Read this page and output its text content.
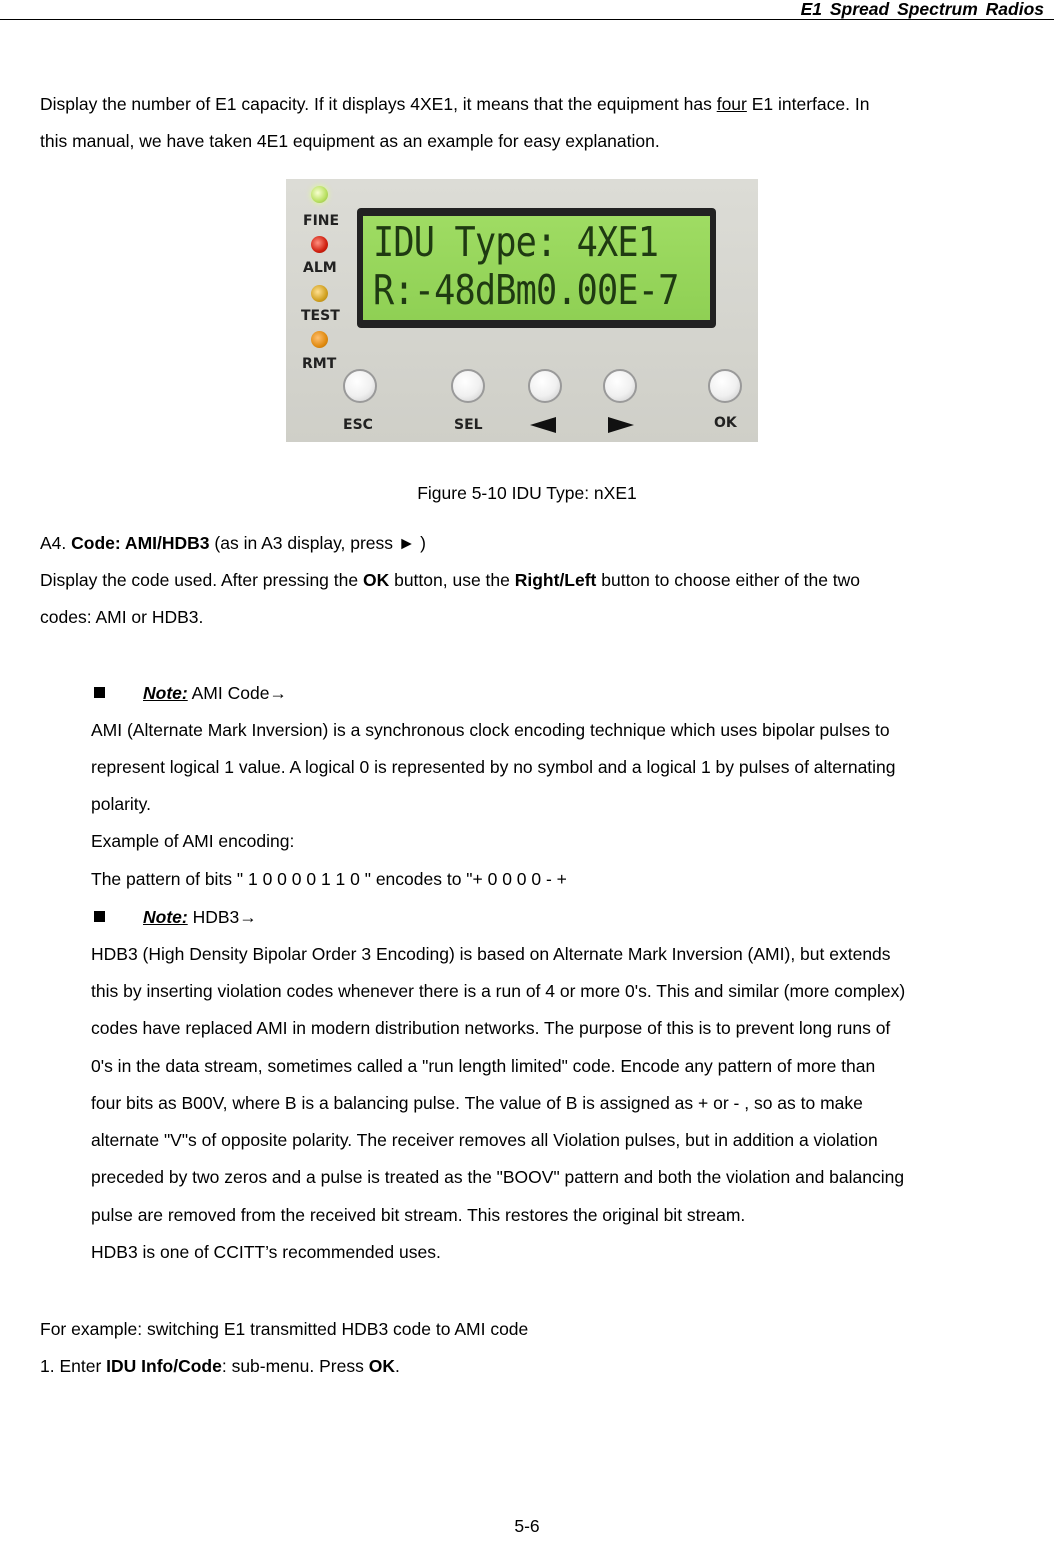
E1 Spread Spectrum Radios
Display the number of E1 capacity. If it displays 4XE1, it means that the equipment has four E1 interface. In
this manual, we have taken 4E1 equipment as an example for easy explanation.
FINE
ALM
TEST
RMT
IDU Type: 4XE1
R:-48dBm0.00E-7
ESC	SEL	OK
Figure 5-10 IDU Type: nXE1
A4. Code: AMI/HDB3 (as in A3 display, press ► )
Display the code used. After pressing the OK button, use the Right/Left button to choose either of the two
codes: AMI or HDB3.
Note: AMI Code→
AMI (Alternate Mark Inversion) is a synchronous clock encoding technique which uses bipolar pulses to
represent logical 1 value. A logical 0 is represented by no symbol and a logical 1 by pulses of alternating
polarity.
Example of AMI encoding:
The pattern of bits " 1 0 0 0 0 1 1 0 " encodes to "+ 0 0 0 0 - +
Note: HDB3→
HDB3 (High Density Bipolar Order 3 Encoding) is based on Alternate Mark Inversion (AMI), but extends
this by inserting violation codes whenever there is a run of 4 or more 0's. This and similar (more complex)
codes have replaced AMI in modern distribution networks. The purpose of this is to prevent long runs of
0's in the data stream, sometimes called a "run length limited" code. Encode any pattern of more than
four bits as B00V, where B is a balancing pulse. The value of B is assigned as + or - , so as to make
alternate "V"s of opposite polarity. The receiver removes all Violation pulses, but in addition a violation
preceded by two zeros and a pulse is treated as the "BOOV" pattern and both the violation and balancing
pulse are removed from the received bit stream. This restores the original bit stream.
HDB3 is one of CCITT’s recommended uses.
For example: switching E1 transmitted HDB3 code to AMI code
1. Enter IDU Info/Code: sub-menu. Press OK.
5-6
